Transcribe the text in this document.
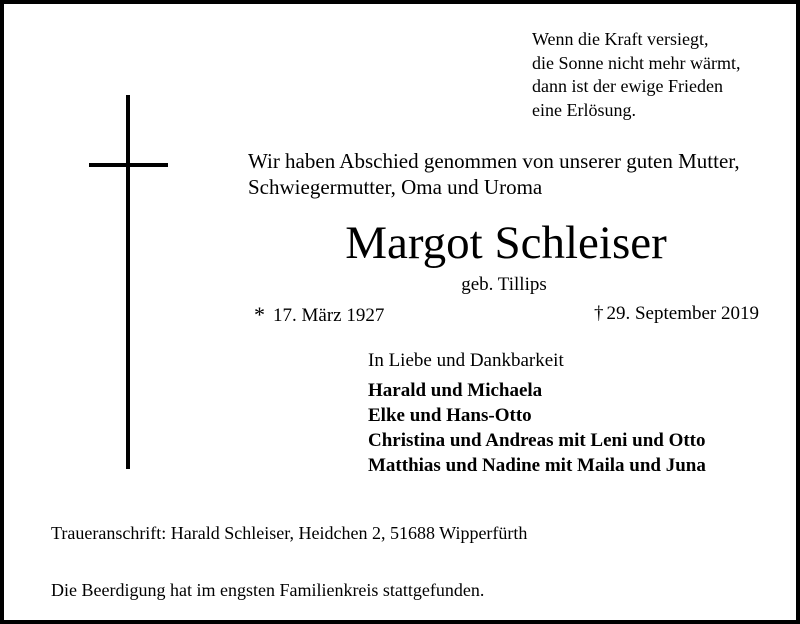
Wenn die Kraft versiegt,
die Sonne nicht mehr wärmt,
dann ist der ewige Frieden
eine Erlösung.
Wir haben Abschied genommen von unserer guten Mutter,
Schwiegermutter, Oma und Uroma
Margot Schleiser
geb. Tillips
* 17. März 1927	† 29. September 2019
In Liebe und Dankbarkeit
Harald und Michaela
Elke und Hans-Otto
Christina und Andreas mit Leni und Otto
Matthias und Nadine mit Maila und Juna
Traueranschrift: Harald Schleiser, Heidchen 2, 51688 Wipperfürth
Die Beerdigung hat im engsten Familienkreis stattgefunden.
